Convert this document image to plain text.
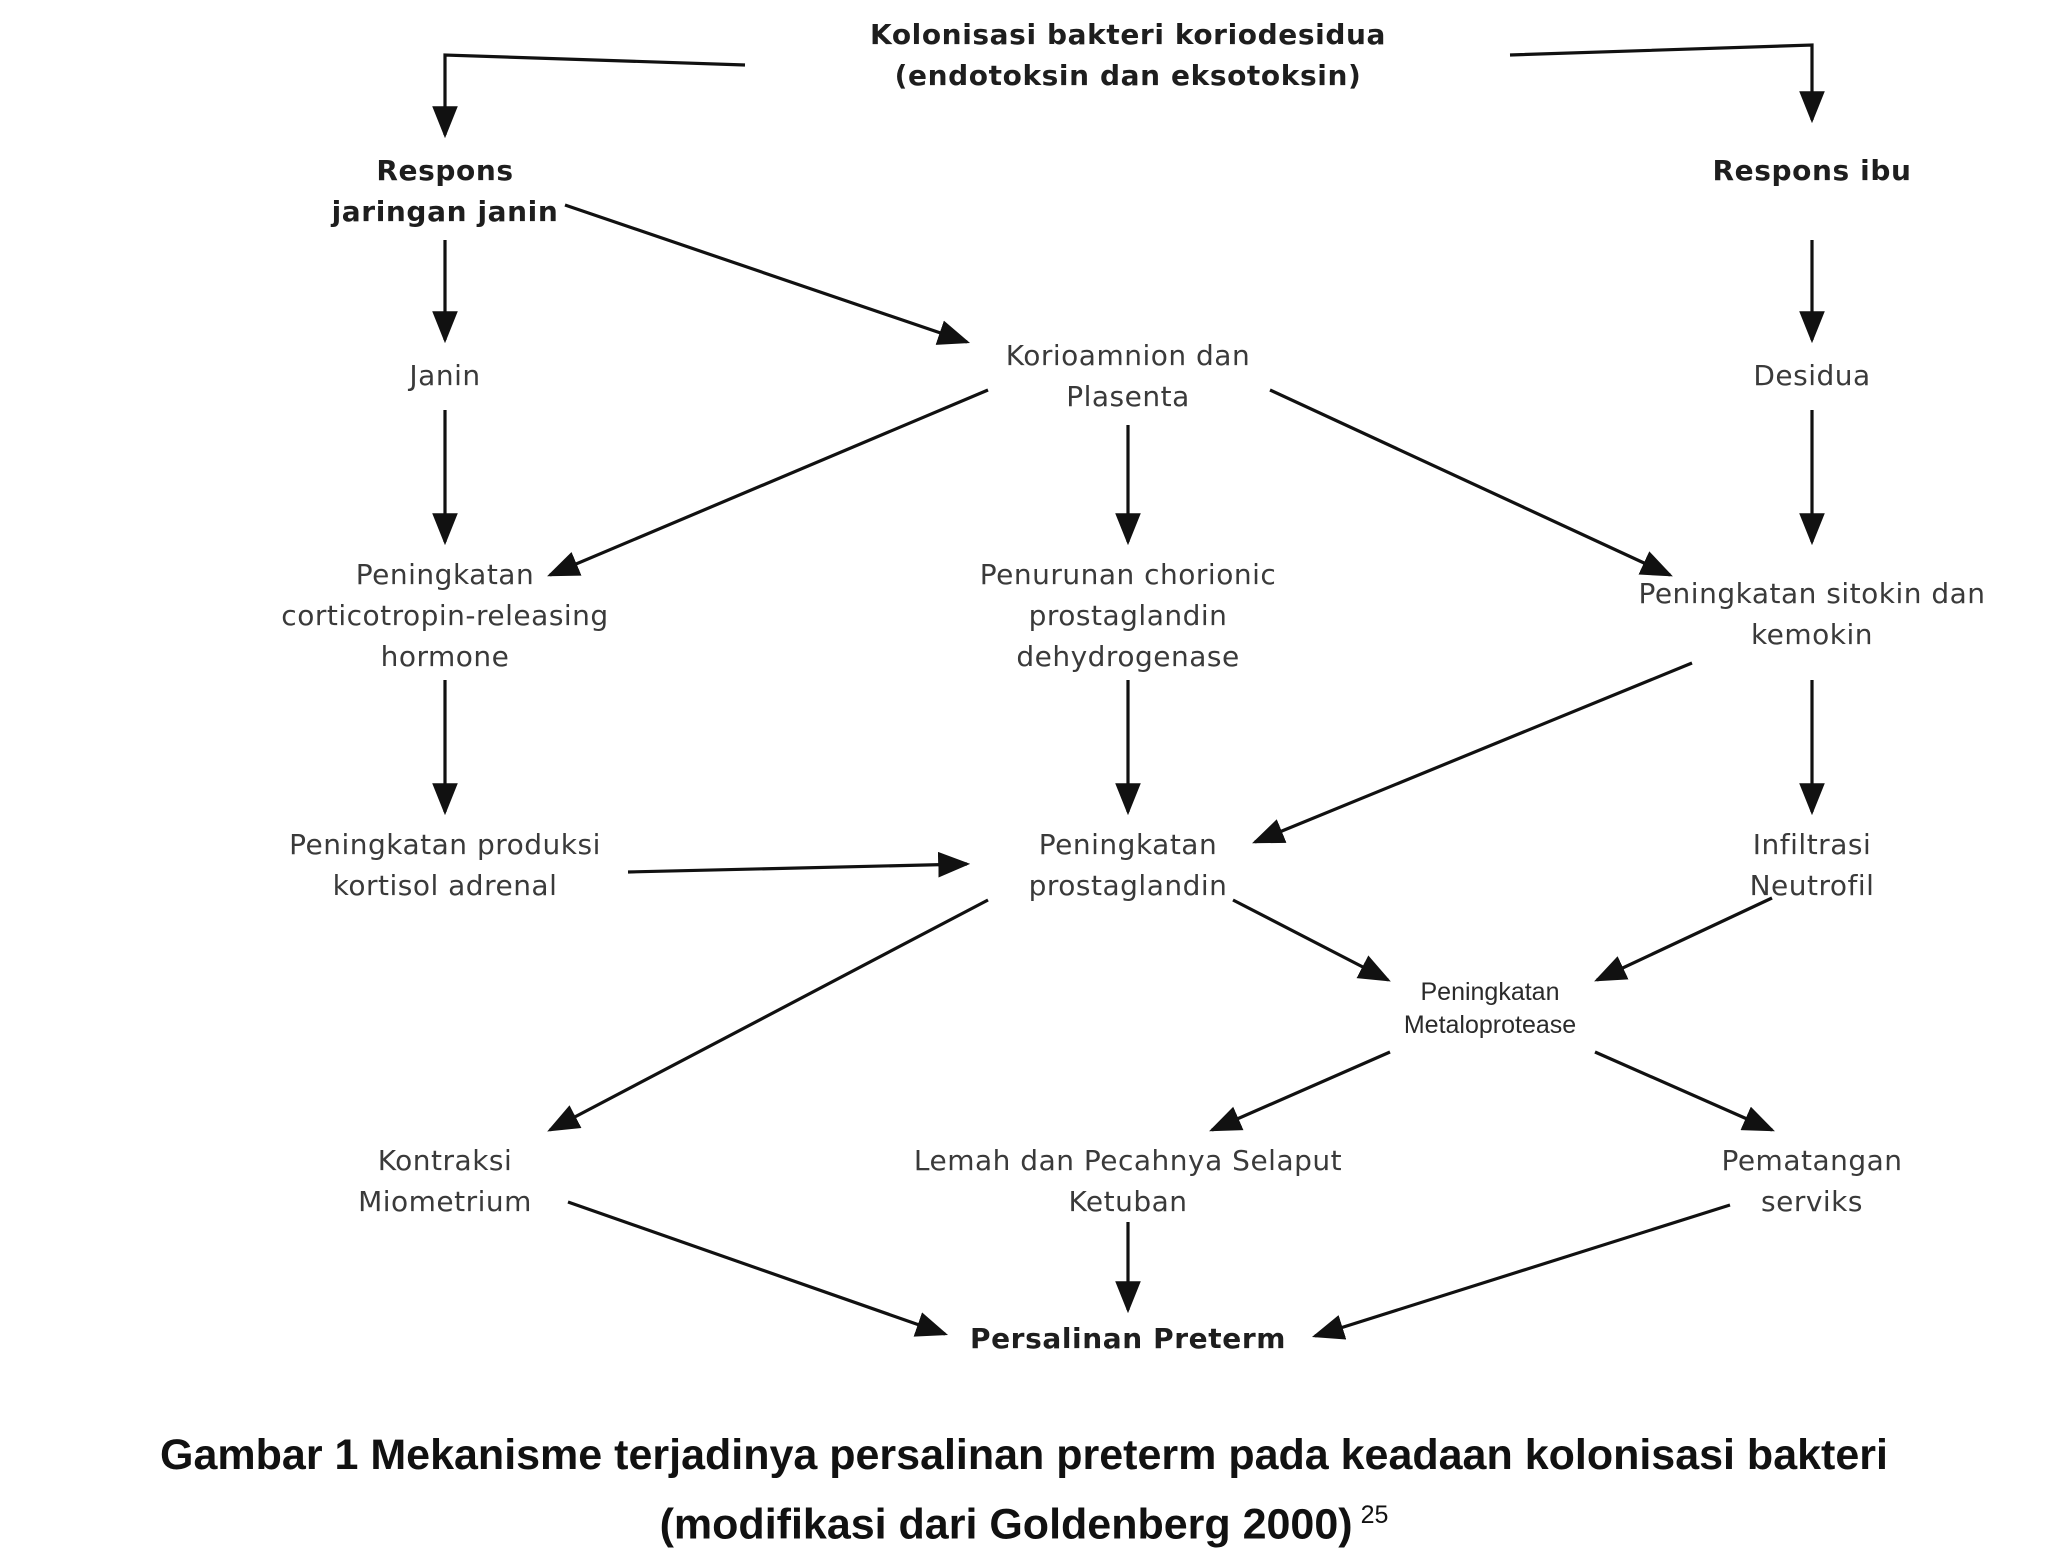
Kolonisasi bakteri koriodesidua
(endotoksin dan eksotoksin)
Respons
jaringan janin
Respons ibu
Janin
Korioamnion dan
Plasenta
Desidua
Peningkatan
corticotropin-releasing
hormone
Penurunan chorionic
prostaglandin
dehydrogenase
Peningkatan sitokin dan
kemokin
Peningkatan produksi
kortisol adrenal
Peningkatan
prostaglandin
Infiltrasi
Neutrofil
Peningkatan
Metaloprotease
Kontraksi
Miometrium
Lemah dan Pecahnya Selaput
Ketuban
Pematangan
serviks
Persalinan Preterm
Gambar 1 Mekanisme terjadinya persalinan preterm pada keadaan kolonisasi bakteri
(modifikasi dari Goldenberg 2000) $^{25}$
